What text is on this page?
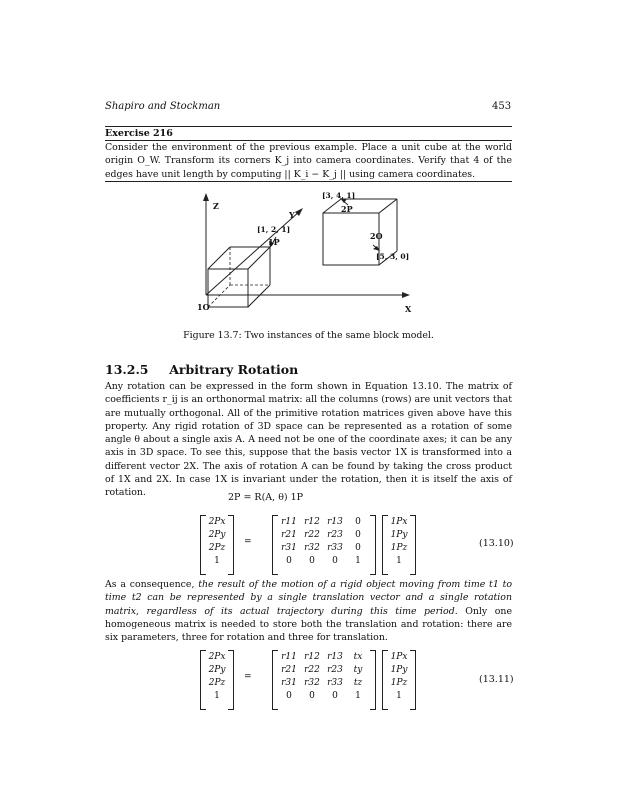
Shapiro and Stockman	453
Exercise 216
Consider the environment of the previous example. Place a unit cube at the world origin O_W. Transform its corners K_j into camera coordinates. Verify that 4 of the edges have unit length by computing || K_i − K_j || using camera coordinates.
Z
Y
X
1O
2O
1P
2P
[1, 2, 1]
[3, 4, 1]
[5, 3, 0]
Figure 13.7: Two instances of the same block model.
13.2.5 Arbitrary Rotation
Any rotation can be expressed in the form shown in Equation 13.10. The matrix of coefficients r_ij is an orthonormal matrix: all the columns (rows) are unit vectors that are mutually orthogonal. All of the primitive rotation matrices given above have this property. Any rigid rotation of 3D space can be represented as a rotation of some angle θ about a single axis A. A need not be one of the coordinate axes; it can be any axis in 3D space. To see this, suppose that the basis vector 1X is transformed into a different vector 2X. The axis of rotation A can be found by taking the cross product of 1X and 2X. In case 1X is invariant under the rotation, then it is itself the axis of rotation.	2P = R(A, θ) 1P
2Px
2Py
2Pz
1
=
r11 r12 r13	0
r21 r22 r23	0
r31 r32 r33	0
0	0	0	1
1Px
1Py
1Pz
1
(13.10)
As a consequence, the result of the motion of a rigid object moving from time t1 to time t2 can be represented by a single translation vector and a single rotation matrix, regardless of its actual trajectory during this time period. Only one homogeneous matrix is needed to store both the translation and rotation: there are six parameters, three for rotation and three for translation.
2Px
2Py
2Pz
1
=
r11 r12 r13	tx
r21 r22 r23	ty
r31 r32 r33	tz
0	0	0	1
1Px
1Py
1Pz
1
(13.11)
